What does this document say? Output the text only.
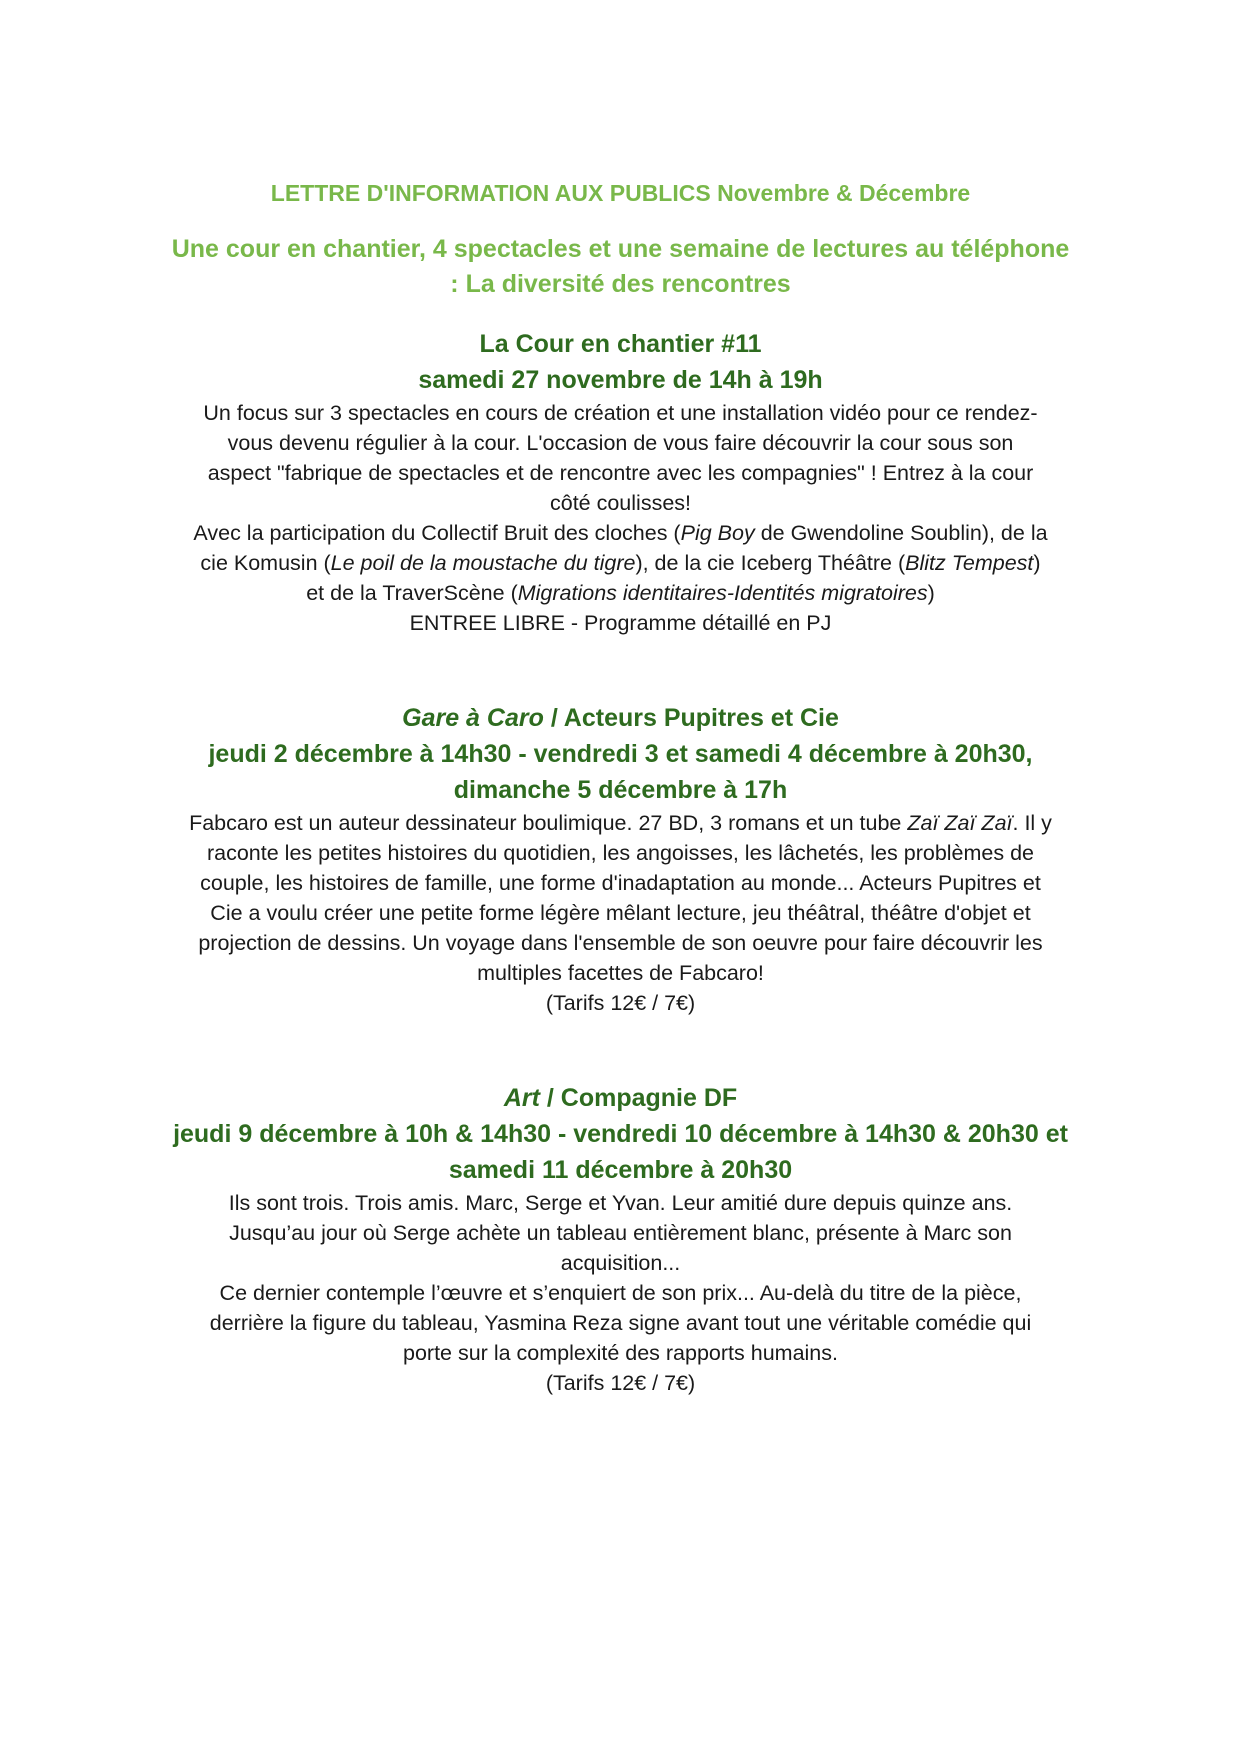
LETTRE D'INFORMATION AUX PUBLICS Novembre & Décembre

Une cour en chantier, 4 spectacles et une semaine de lectures au téléphone
: La diversité des rencontres

La Cour en chantier #11

samedi 27 novembre de 14h à 19h

Un focus sur 3 spectacles en cours de création et une installation vidéo pour ce rendez-

vous devenu régulier à la cour. L'occasion de vous faire découvrir la cour sous son

aspect "fabrique de spectacles et de rencontre avec les compagnies" ! Entrez à la cour

côté coulisses!

Avec la participation du Collectif Bruit des cloches (Pig Boy de Gwendoline Soublin), de la

cie Komusin (Le poil de la moustache du tigre), de la cie Iceberg Théâtre (Blitz Tempest)

et de la TraverScène (Migrations identitaires-Identités migratoires)

ENTREE LIBRE - Programme détaillé en PJ

Gare à Caro / Acteurs Pupitres et Cie

jeudi 2 décembre à 14h30 - vendredi 3 et samedi 4 décembre à 20h30,

dimanche 5 décembre à 17h

Fabcaro est un auteur dessinateur boulimique. 27 BD, 3 romans et un tube Zaï Zaï Zaï. Il y

raconte les petites histoires du quotidien, les angoisses, les lâchetés, les problèmes de

couple, les histoires de famille, une forme d'inadaptation au monde... Acteurs Pupitres et

Cie a voulu créer une petite forme légère mêlant lecture, jeu théâtral, théâtre d'objet et

projection de dessins. Un voyage dans l'ensemble de son oeuvre pour faire découvrir les

multiples facettes de Fabcaro!

(Tarifs 12€ / 7€)

Art / Compagnie DF

jeudi 9 décembre à 10h & 14h30 - vendredi 10 décembre à 14h30 & 20h30 et

samedi 11 décembre à 20h30

Ils sont trois. Trois amis. Marc, Serge et Yvan. Leur amitié dure depuis quinze ans.

Jusqu’au jour où Serge achète un tableau entièrement blanc, présente à Marc son

acquisition...

Ce dernier contemple l’œuvre et s’enquiert de son prix... Au-delà du titre de la pièce,

derrière la figure du tableau, Yasmina Reza signe avant tout une véritable comédie qui

porte sur la complexité des rapports humains.

(Tarifs 12€ / 7€)
